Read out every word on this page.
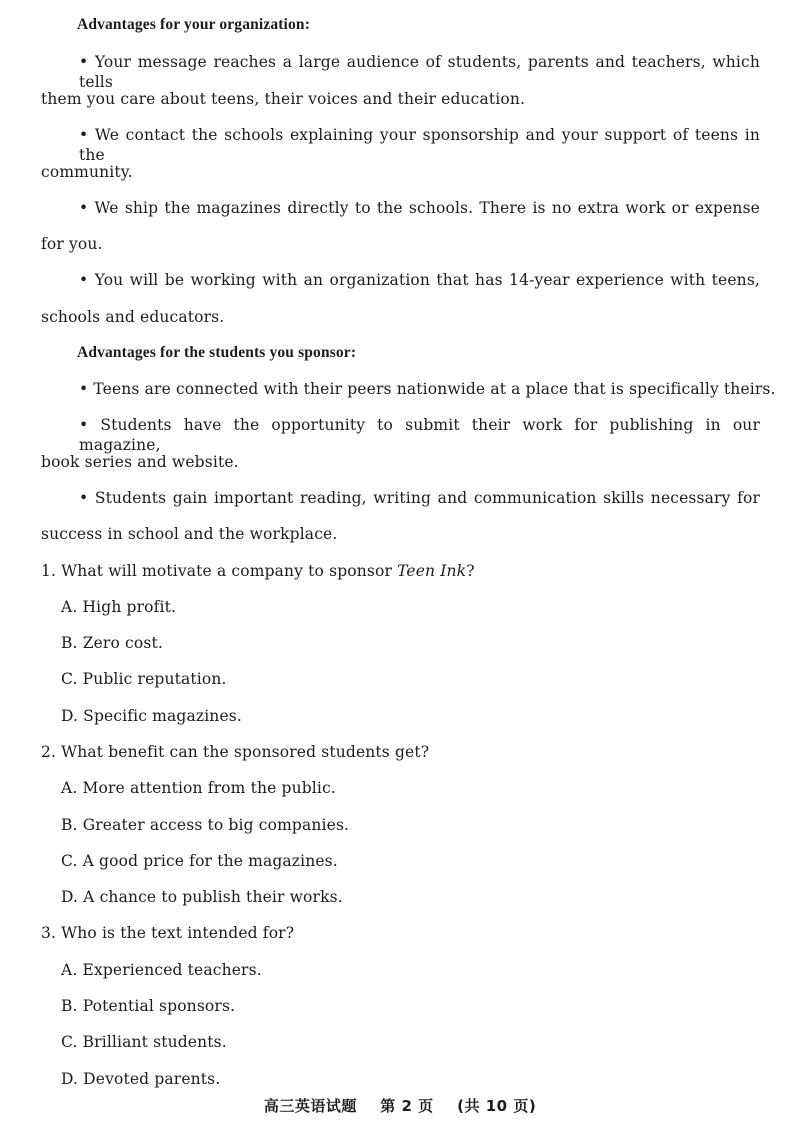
Advantages for your organization:
• Your message reaches a large audience of students, parents and teachers, which tells
them you care about teens, their voices and their education.
• We contact the schools explaining your sponsorship and your support of teens in the
community.
• We ship the magazines directly to the schools. There is no extra work or expense
for you.
• You will be working with an organization that has 14-year experience with teens,
schools and educators.
Advantages for the students you sponsor:
• Teens are connected with their peers nationwide at a place that is specifically theirs.
• Students have the opportunity to submit their work for publishing in our magazine,
book series and website.
• Students gain important reading, writing and communication skills necessary for
success in school and the workplace.
1. What will motivate a company to sponsor Teen Ink?
A. High profit.
B. Zero cost.
C. Public reputation.
D. Specific magazines.
2. What benefit can the sponsored students get?
A. More attention from the public.
B. Greater access to big companies.
C. A good price for the magazines.
D. A chance to publish their works.
3. Who is the text intended for?
A. Experienced teachers.
B. Potential sponsors.
C. Brilliant students.
D. Devoted parents.
高三英语试题 第 2 页 (共 10 页)
